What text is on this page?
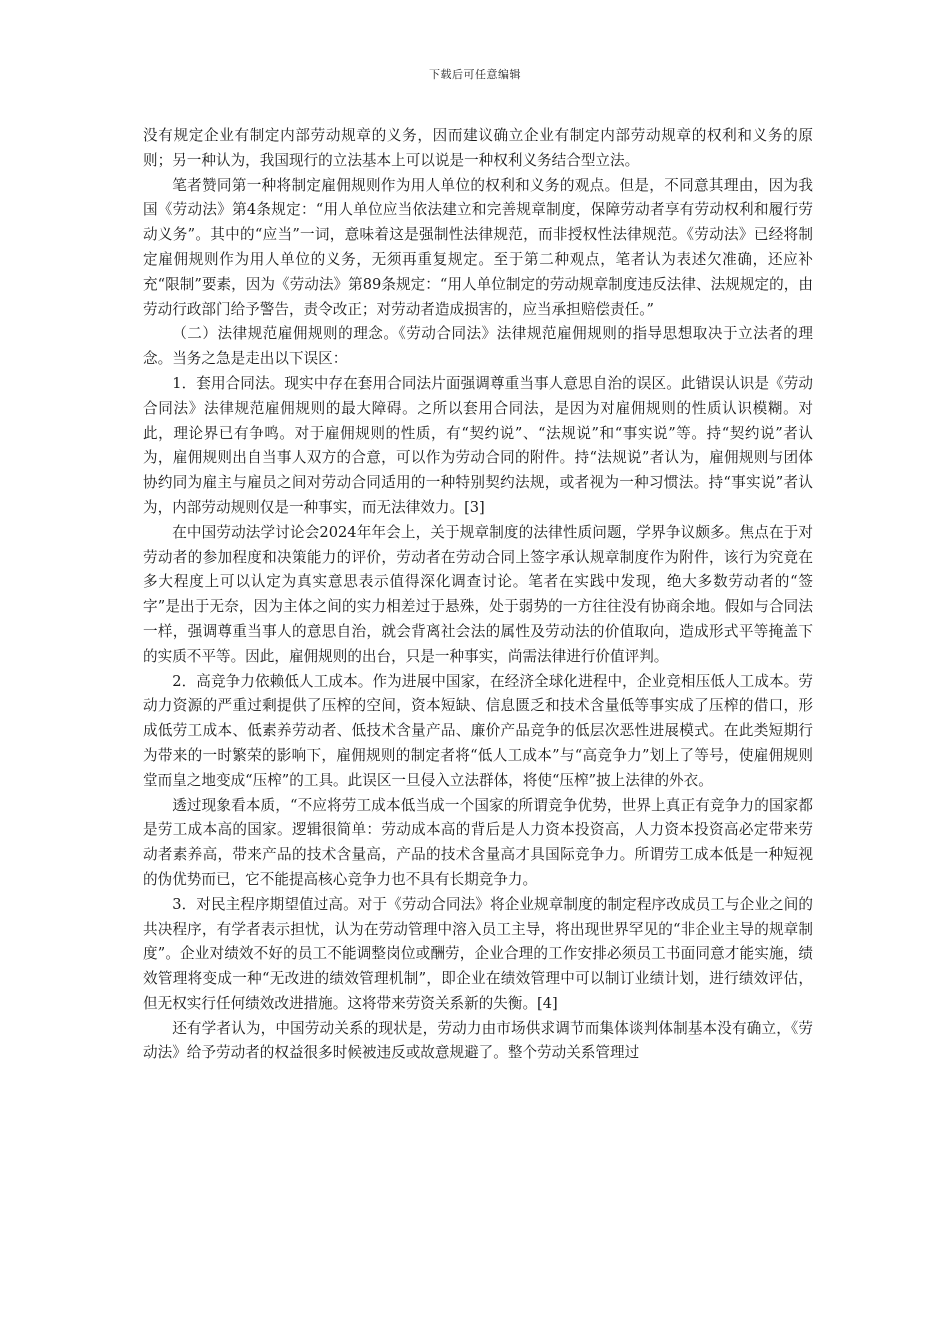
下载后可任意编辑

没有规定企业有制定内部劳动规章的义务，因而建议确立企业有制定内部劳动规章的权利和义务的原则；另一种认为，我国现行的立法基本上可以说是一种权利义务结合型立法。

笔者赞同第一种将制定雇佣规则作为用人单位的权利和义务的观点。但是，不同意其理由，因为我国《劳动法》第4条规定：“用人单位应当依法建立和完善规章制度，保障劳动者享有劳动权利和履行劳动义务”。其中的“应当”一词，意味着这是强制性法律规范，而非授权性法律规范。《劳动法》已经将制定雇佣规则作为用人单位的义务，无须再重复规定。至于第二种观点，笔者认为表述欠准确，还应补充“限制”要素，因为《劳动法》第89条规定：“用人单位制定的劳动规章制度违反法律、法规规定的，由劳动行政部门给予警告，责令改正；对劳动者造成损害的，应当承担赔偿责任。”

（二）法律规范雇佣规则的理念。《劳动合同法》法律规范雇佣规则的指导思想取决于立法者的理念。当务之急是走出以下误区：

1．套用合同法。现实中存在套用合同法片面强调尊重当事人意思自治的误区。此错误认识是《劳动合同法》法律规范雇佣规则的最大障碍。之所以套用合同法，是因为对雇佣规则的性质认识模糊。对此，理论界已有争鸣。对于雇佣规则的性质，有“契约说”、“法规说”和“事实说”等。持“契约说”者认为，雇佣规则出自当事人双方的合意，可以作为劳动合同的附件。持“法规说”者认为，雇佣规则与团体协约同为雇主与雇员之间对劳动合同适用的一种特别契约法规，或者视为一种习惯法。持“事实说”者认为，内部劳动规则仅是一种事实，而无法律效力。[3]

在中国劳动法学讨论会2024年年会上，关于规章制度的法律性质问题，学界争议颇多。焦点在于对劳动者的参加程度和决策能力的评价，劳动者在劳动合同上签字承认规章制度作为附件，该行为究竟在多大程度上可以认定为真实意思表示值得深化调查讨论。笔者在实践中发现，绝大多数劳动者的“签字”是出于无奈，因为主体之间的实力相差过于悬殊，处于弱势的一方往往没有协商余地。假如与合同法一样，强调尊重当事人的意思自治，就会背离社会法的属性及劳动法的价值取向，造成形式平等掩盖下的实质不平等。因此，雇佣规则的出台，只是一种事实，尚需法律进行价值评判。

2．高竞争力依赖低人工成本。作为进展中国家，在经济全球化进程中，企业竞相压低人工成本。劳动力资源的严重过剩提供了压榨的空间，资本短缺、信息匮乏和技术含量低等事实成了压榨的借口，形成低劳工成本、低素养劳动者、低技术含量产品、廉价产品竞争的低层次恶性进展模式。在此类短期行为带来的一时繁荣的影响下，雇佣规则的制定者将“低人工成本”与“高竞争力”划上了等号，使雇佣规则堂而皇之地变成“压榨”的工具。此误区一旦侵入立法群体，将使“压榨”披上法律的外衣。

透过现象看本质，“不应将劳工成本低当成一个国家的所谓竞争优势，世界上真正有竞争力的国家都是劳工成本高的国家。逻辑很简单：劳动成本高的背后是人力资本投资高，人力资本投资高必定带来劳动者素养高，带来产品的技术含量高，产品的技术含量高才具国际竞争力。所谓劳工成本低是一种短视的伪优势而已，它不能提高核心竞争力也不具有长期竞争力。

3．对民主程序期望值过高。对于《劳动合同法》将企业规章制度的制定程序改成员工与企业之间的共决程序，有学者表示担忧，认为在劳动管理中溶入员工主导，将出现世界罕见的“非企业主导的规章制度”。企业对绩效不好的员工不能调整岗位或酬劳，企业合理的工作安排必须员工书面同意才能实施，绩效管理将变成一种“无改进的绩效管理机制”，即企业在绩效管理中可以制订业绩计划，进行绩效评估，但无权实行任何绩效改进措施。这将带来劳资关系新的失衡。[4]

还有学者认为，中国劳动关系的现状是，劳动力由市场供求调节而集体谈判体制基本没有确立，《劳动法》给予劳动者的权益很多时候被违反或故意规避了。整个劳动关系管理过
